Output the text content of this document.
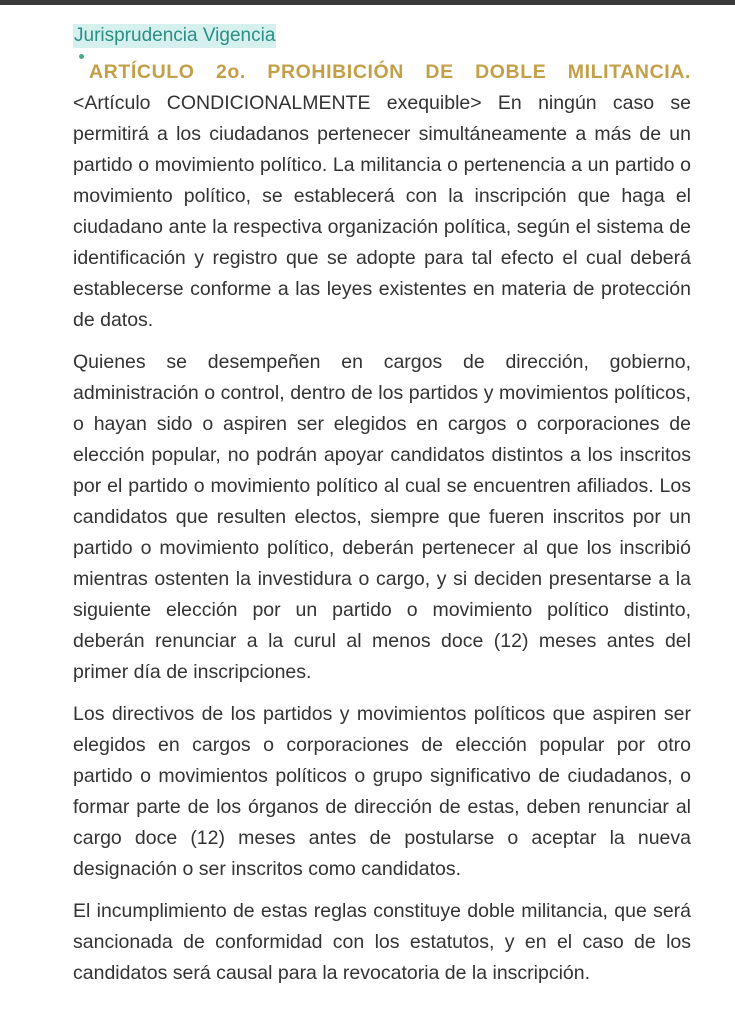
Jurisprudencia Vigencia

ARTÍCULO 2o. PROHIBICIÓN DE DOBLE MILITANCIA.
<Artículo CONDICIONALMENTE exequible> En ningún caso se permitirá a los ciudadanos pertenecer simultáneamente a más de un partido o movimiento político. La militancia o pertenencia a un partido o movimiento político, se establecerá con la inscripción que haga el ciudadano ante la respectiva organización política, según el sistema de identificación y registro que se adopte para tal efecto el cual deberá establecerse conforme a las leyes existentes en materia de protección de datos.

Quienes se desempeñen en cargos de dirección, gobierno, administración o control, dentro de los partidos y movimientos políticos, o hayan sido o aspiren ser elegidos en cargos o corporaciones de elección popular, no podrán apoyar candidatos distintos a los inscritos por el partido o movimiento político al cual se encuentren afiliados. Los candidatos que resulten electos, siempre que fueren inscritos por un partido o movimiento político, deberán pertenecer al que los inscribió mientras ostenten la investidura o cargo, y si deciden presentarse a la siguiente elección por un partido o movimiento político distinto, deberán renunciar a la curul al menos doce (12) meses antes del primer día de inscripciones.

Los directivos de los partidos y movimientos políticos que aspiren ser elegidos en cargos o corporaciones de elección popular por otro partido o movimientos políticos o grupo significativo de ciudadanos, o formar parte de los órganos de dirección de estas, deben renunciar al cargo doce (12) meses antes de postularse o aceptar la nueva designación o ser inscritos como candidatos.

El incumplimiento de estas reglas constituye doble militancia, que será sancionada de conformidad con los estatutos, y en el caso de los candidatos será causal para la revocatoria de la inscripción.
